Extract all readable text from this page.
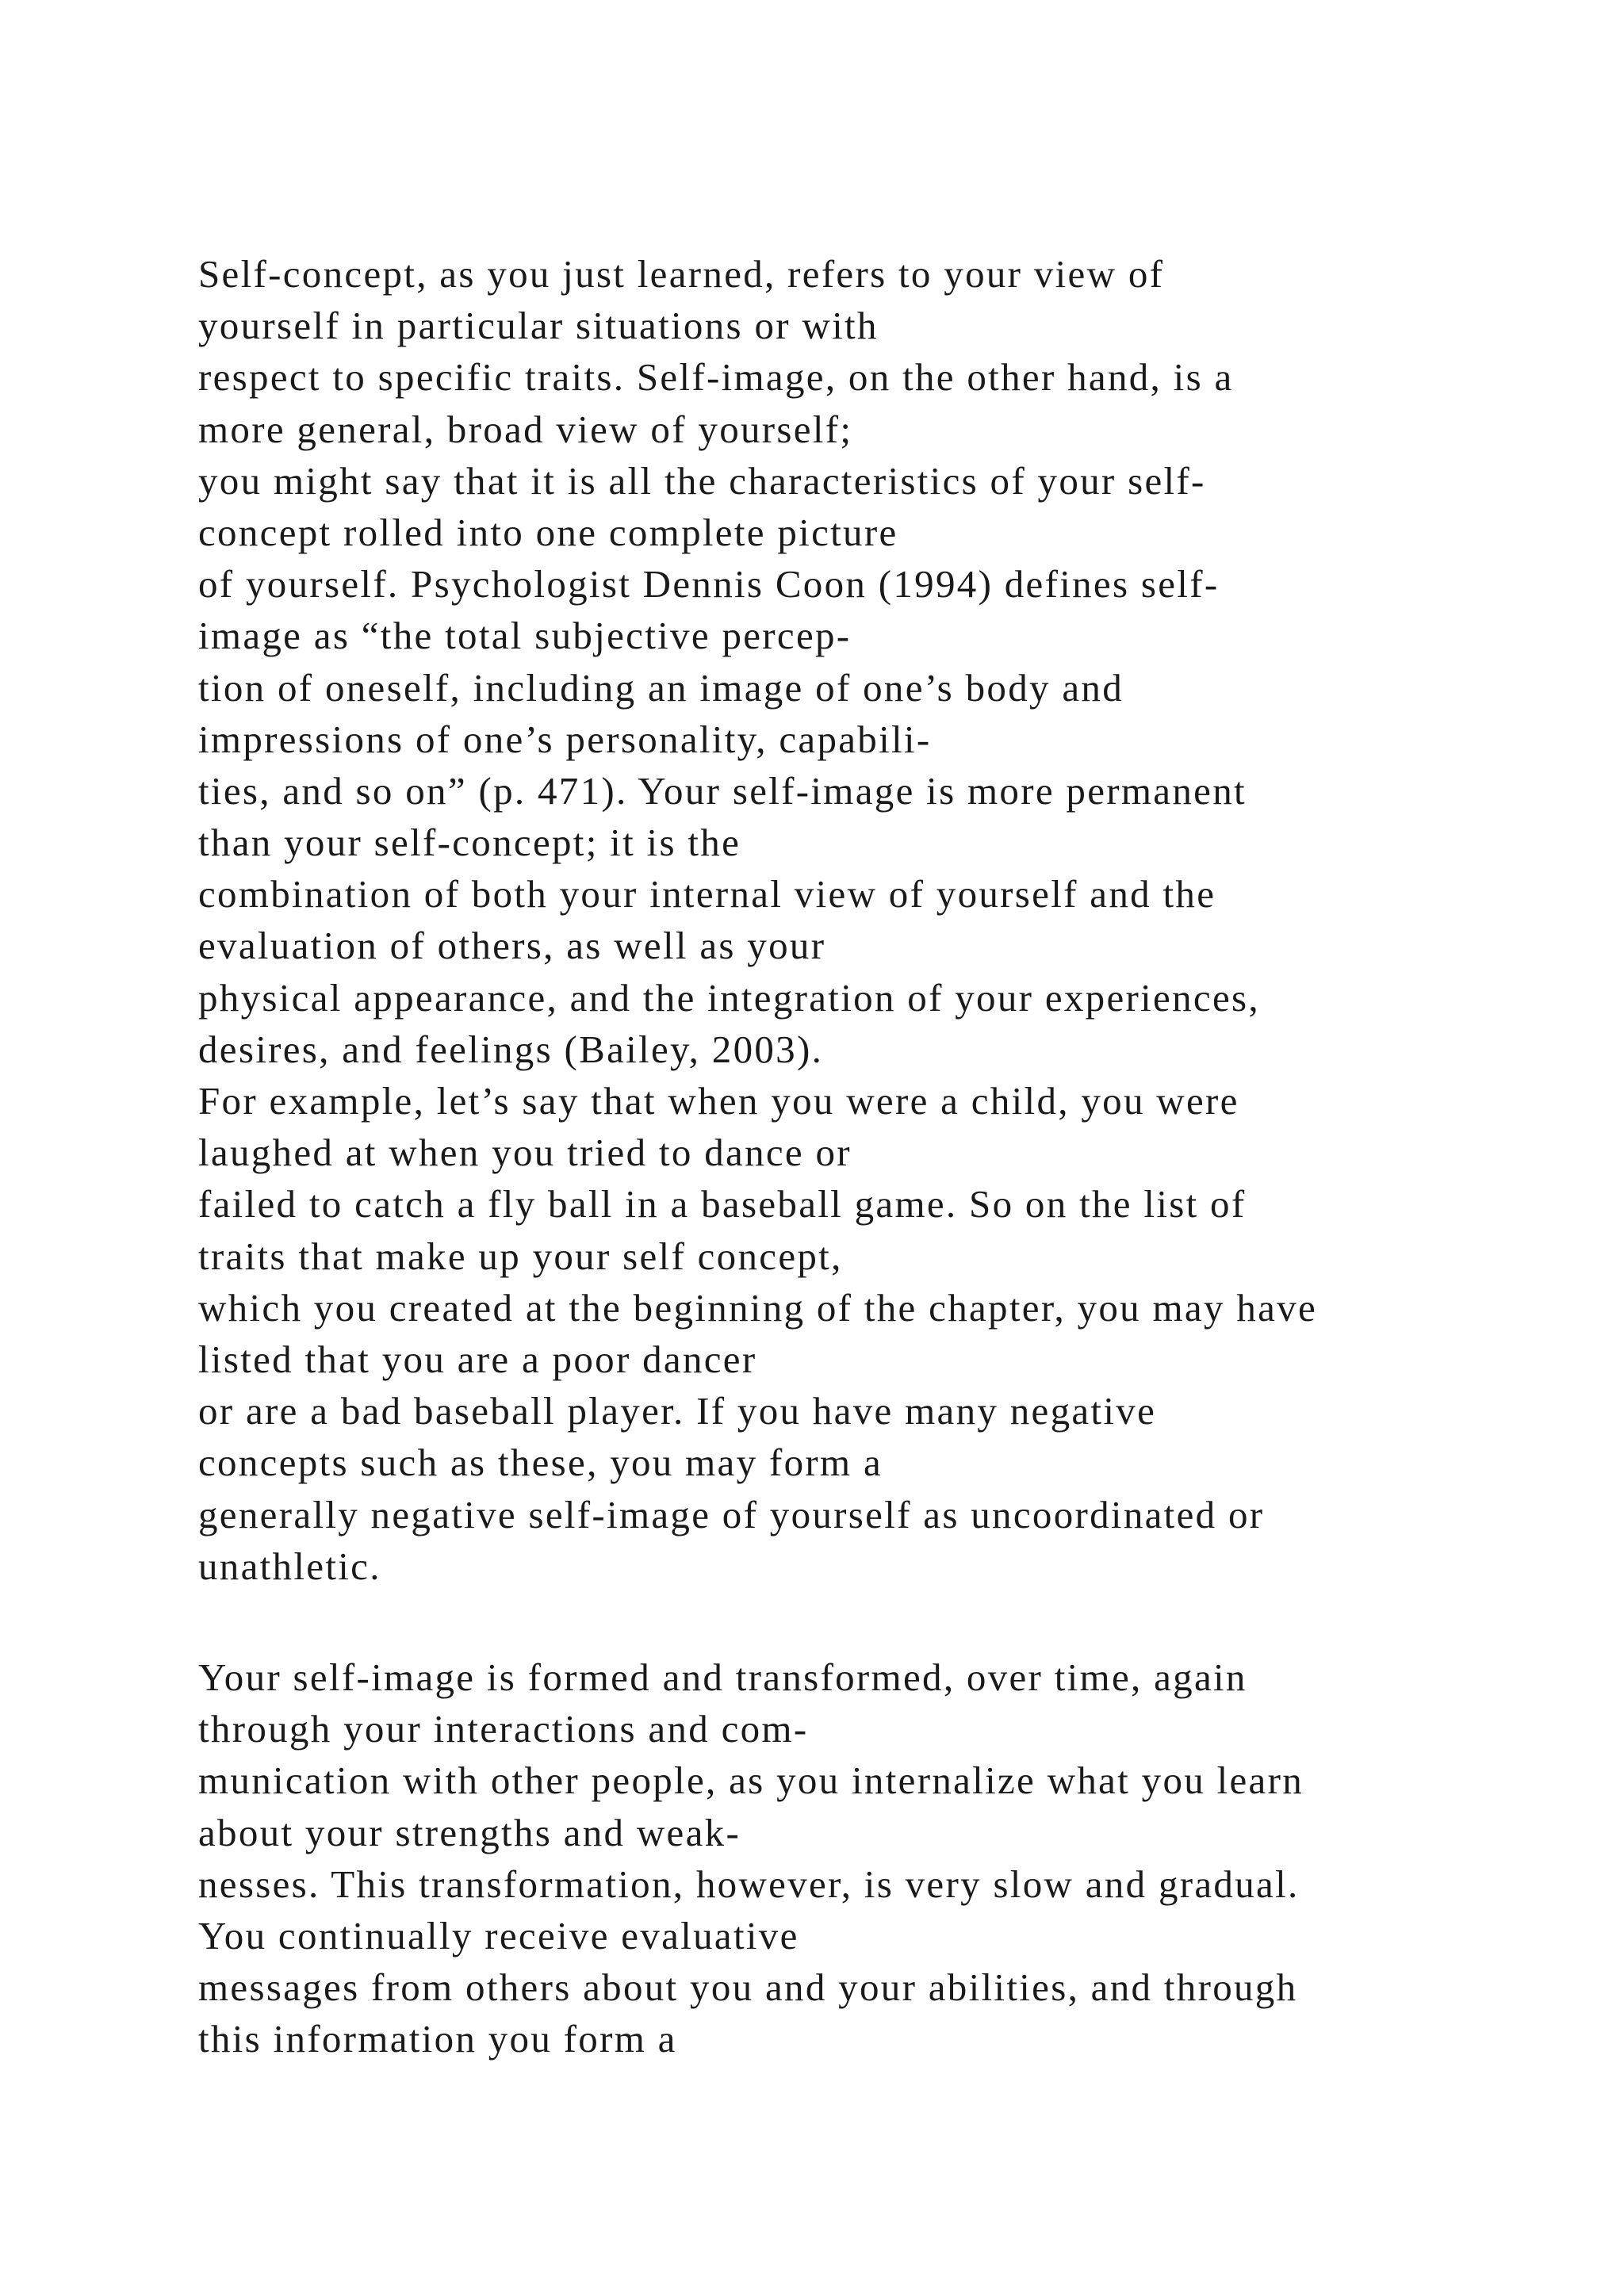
Self-concept, as you just learned, refers to your view of
yourself in particular situations or with
respect to specific traits. Self-image, on the other hand, is a
more general, broad view of yourself;
you might say that it is all the characteristics of your self-
concept rolled into one complete picture
of yourself. Psychologist Dennis Coon (1994) defines self-
image as “the total subjective percep-
tion of oneself, including an image of one’s body and
impressions of one’s personality, capabili-
ties, and so on” (p. 471). Your self-image is more permanent
than your self-concept; it is the
combination of both your internal view of yourself and the
evaluation of others, as well as your
physical appearance, and the integration of your experiences,
desires, and feelings (Bailey, 2003).
For example, let’s say that when you were a child, you were
laughed at when you tried to dance or
failed to catch a fly ball in a baseball game. So on the list of
traits that make up your self concept,
which you created at the beginning of the chapter, you may have
listed that you are a poor dancer
or are a bad baseball player. If you have many negative
concepts such as these, you may form a
generally negative self-image of yourself as uncoordinated or
unathletic.
Your self-image is formed and transformed, over time, again
through your interactions and com-
munication with other people, as you internalize what you learn
about your strengths and weak-
nesses. This transformation, however, is very slow and gradual.
You continually receive evaluative
messages from others about you and your abilities, and through
this information you form a
